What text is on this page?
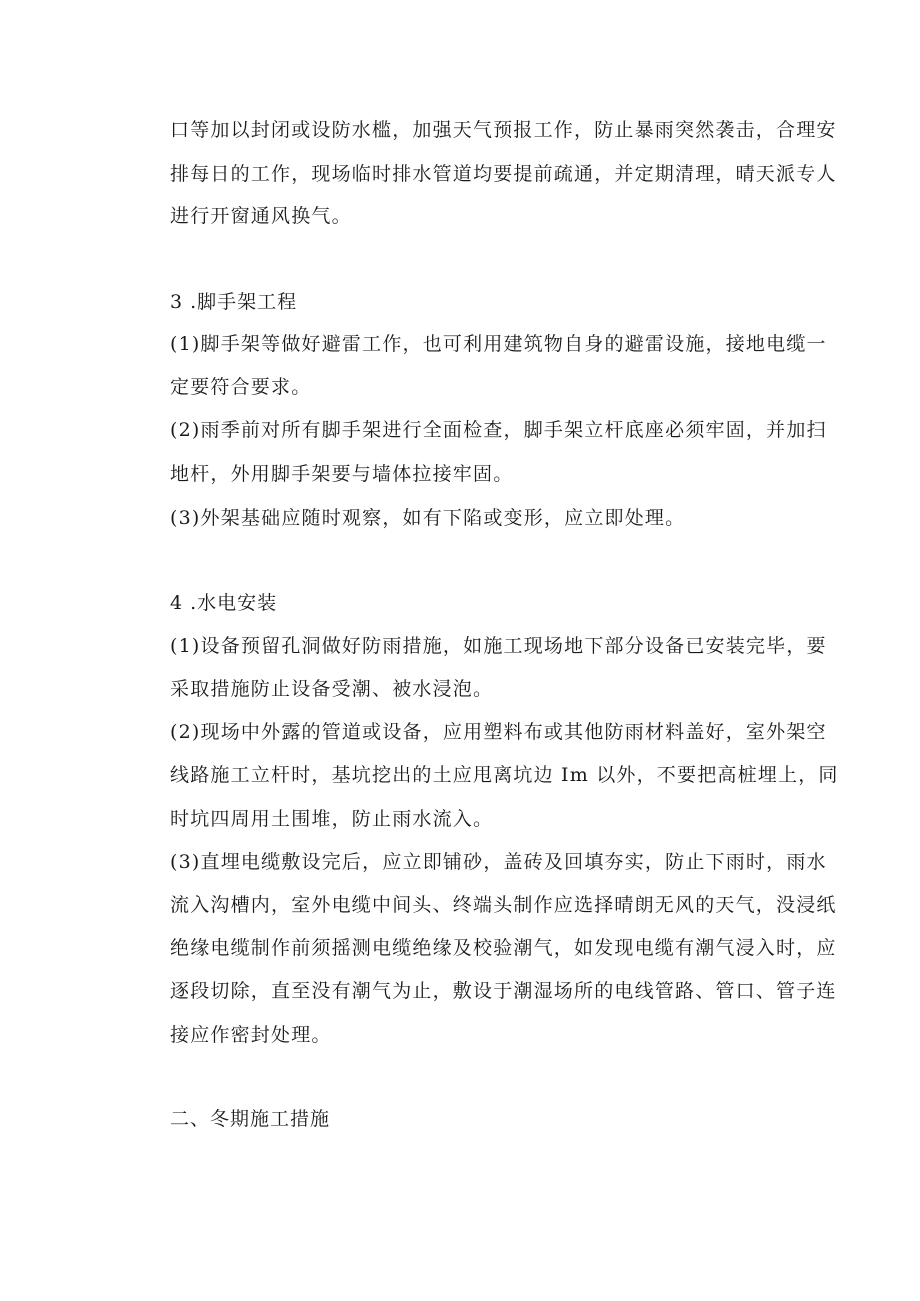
口等加以封闭或设防水槛，加强天气预报工作，防止暴雨突然袭击，合理安
排每日的工作，现场临时排水管道均要提前疏通，并定期清理，晴天派专人
进行开窗通风换气。
3 .脚手架工程
(1)脚手架等做好避雷工作，也可利用建筑物自身的避雷设施，接地电缆一
定要符合要求。
(2)雨季前对所有脚手架进行全面检查，脚手架立杆底座必须牢固，并加扫
地杆，外用脚手架要与墙体拉接牢固。
(3)外架基础应随时观察，如有下陷或变形，应立即处理。
4 .水电安装
(1)设备预留孔洞做好防雨措施，如施工现场地下部分设备已安装完毕，要
采取措施防止设备受潮、被水浸泡。
(2)现场中外露的管道或设备，应用塑料布或其他防雨材料盖好，室外架空
线路施工立杆时，基坑挖出的土应甩离坑边 Im 以外，不要把高桩埋上，同
时坑四周用土围堆，防止雨水流入。
(3)直埋电缆敷设完后，应立即铺砂，盖砖及回填夯实，防止下雨时，雨水
流入沟槽内，室外电缆中间头、终端头制作应选择晴朗无风的天气，没浸纸
绝缘电缆制作前须摇测电缆绝缘及校验潮气，如发现电缆有潮气浸入时，应
逐段切除，直至没有潮气为止，敷设于潮湿场所的电线管路、管口、管子连
接应作密封处理。
二、冬期施工措施
